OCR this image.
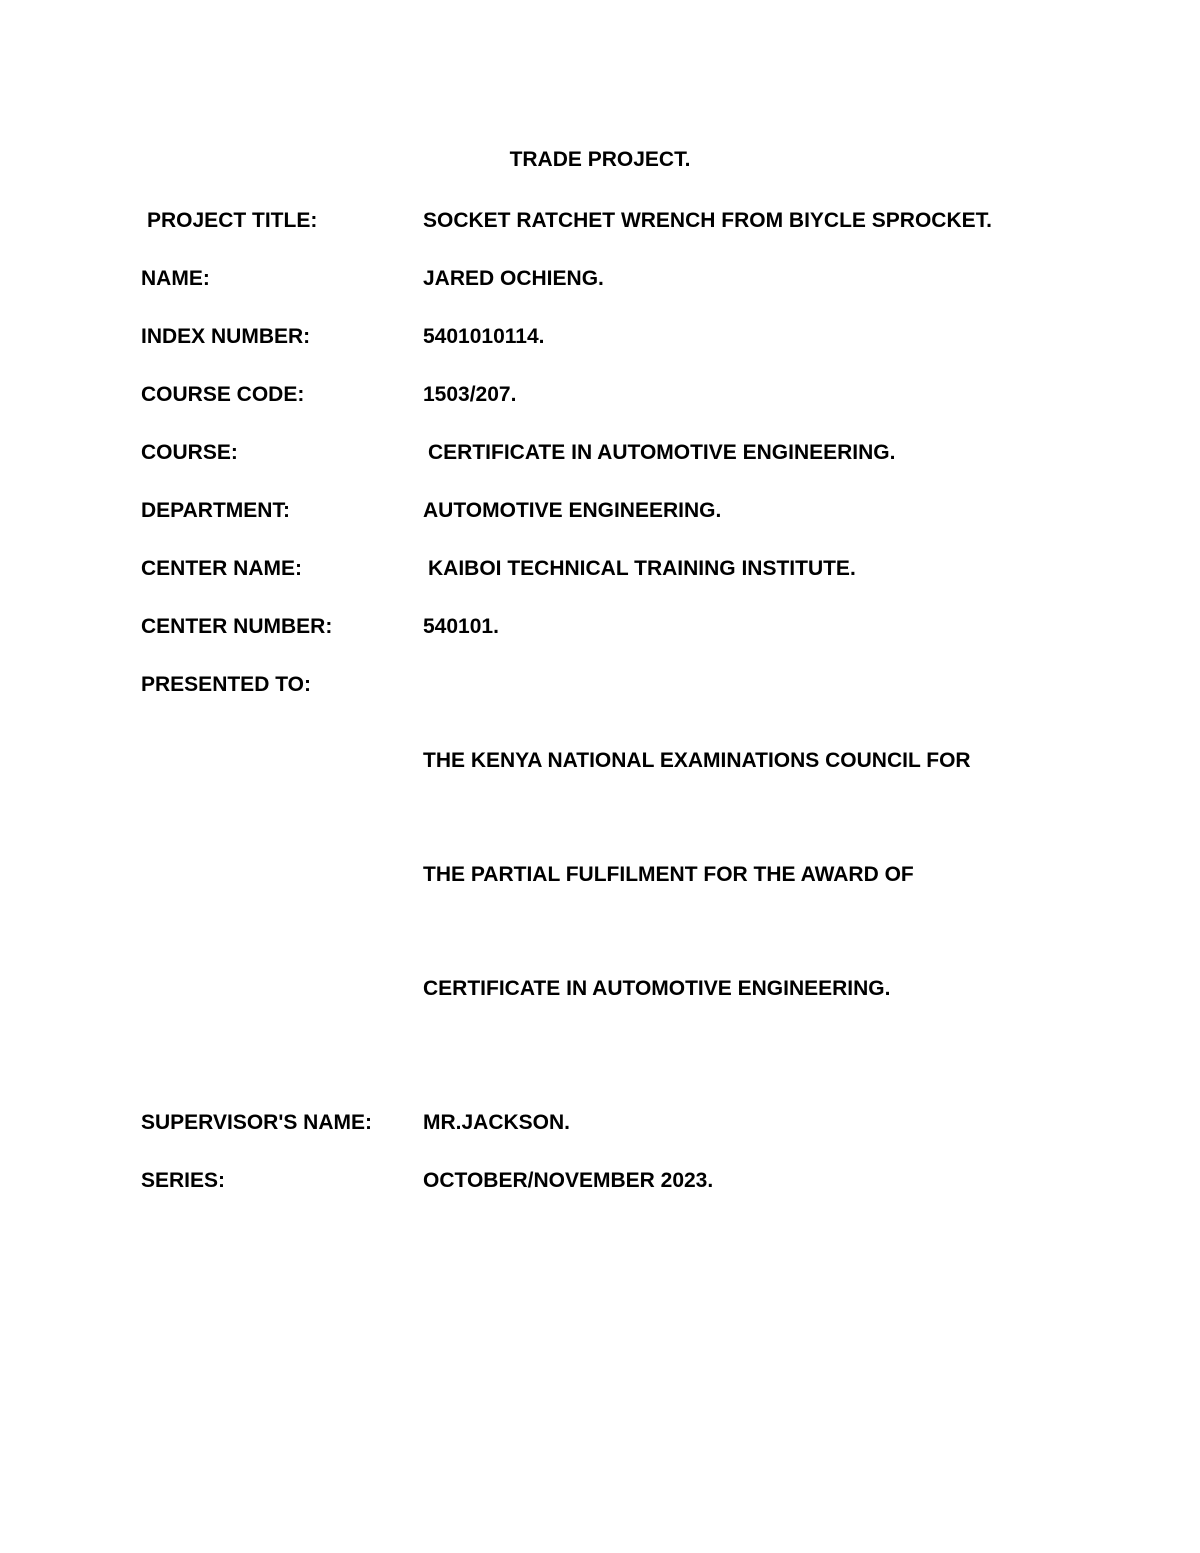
TRADE PROJECT.
PROJECT TITLE:	SOCKET RATCHET WRENCH FROM BIYCLE SPROCKET.
NAME:	JARED OCHIENG.
INDEX NUMBER:	5401010114.
COURSE CODE:	1503/207.
COURSE:	CERTIFICATE IN AUTOMOTIVE ENGINEERING.
DEPARTMENT:	AUTOMOTIVE ENGINEERING.
CENTER NAME:	KAIBOI TECHNICAL TRAINING INSTITUTE.
CENTER NUMBER:	540101.
PRESENTED TO:

THE KENYA NATIONAL EXAMINATIONS COUNCIL FOR

THE PARTIAL FULFILMENT FOR THE AWARD OF

CERTIFICATE IN AUTOMOTIVE ENGINEERING.

SUPERVISOR'S NAME:	MR.JACKSON.
SERIES:	OCTOBER/NOVEMBER 2023.
